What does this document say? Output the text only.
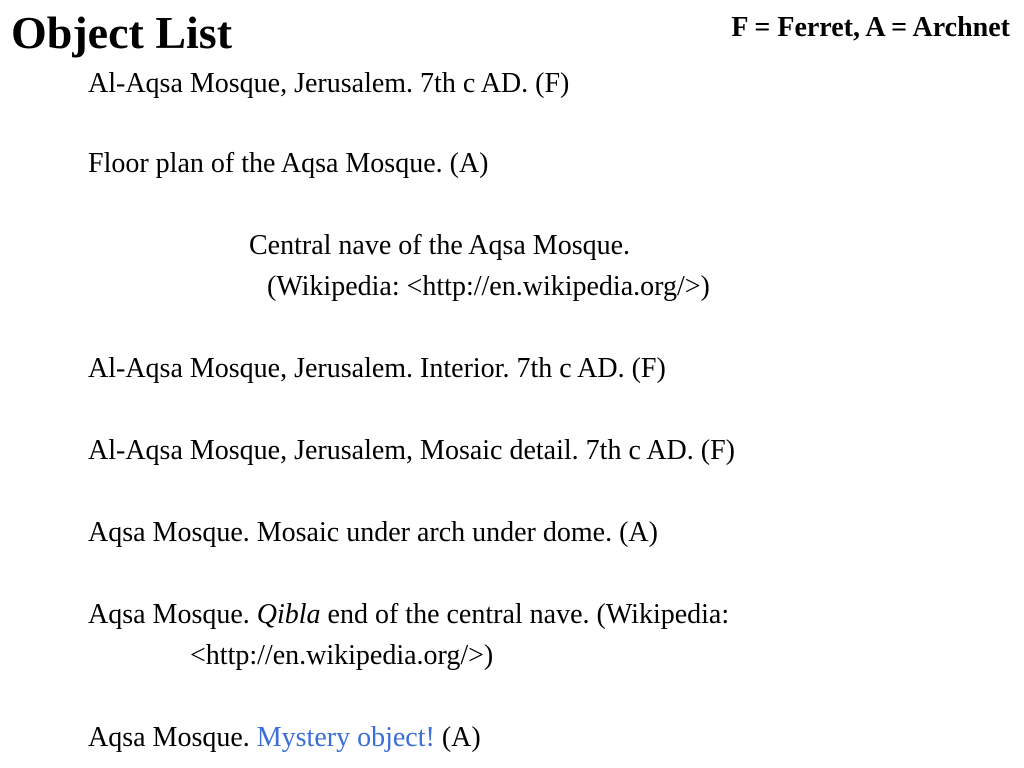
Object List	F = Ferret, A = Archnet
Al-Aqsa Mosque, Jerusalem. 7th c AD. (F)
Floor plan of the Aqsa Mosque. (A)
Central nave of the Aqsa Mosque.
(Wikipedia: <http://en.wikipedia.org/>)
Al-Aqsa Mosque, Jerusalem. Interior. 7th c AD. (F)
Al-Aqsa Mosque, Jerusalem, Mosaic detail. 7th c AD. (F)
Aqsa Mosque. Mosaic under arch under dome. (A)
Aqsa Mosque. Qibla end of the central nave. (Wikipedia:
<http://en.wikipedia.org/>)
Aqsa Mosque. Mystery object! (A)
